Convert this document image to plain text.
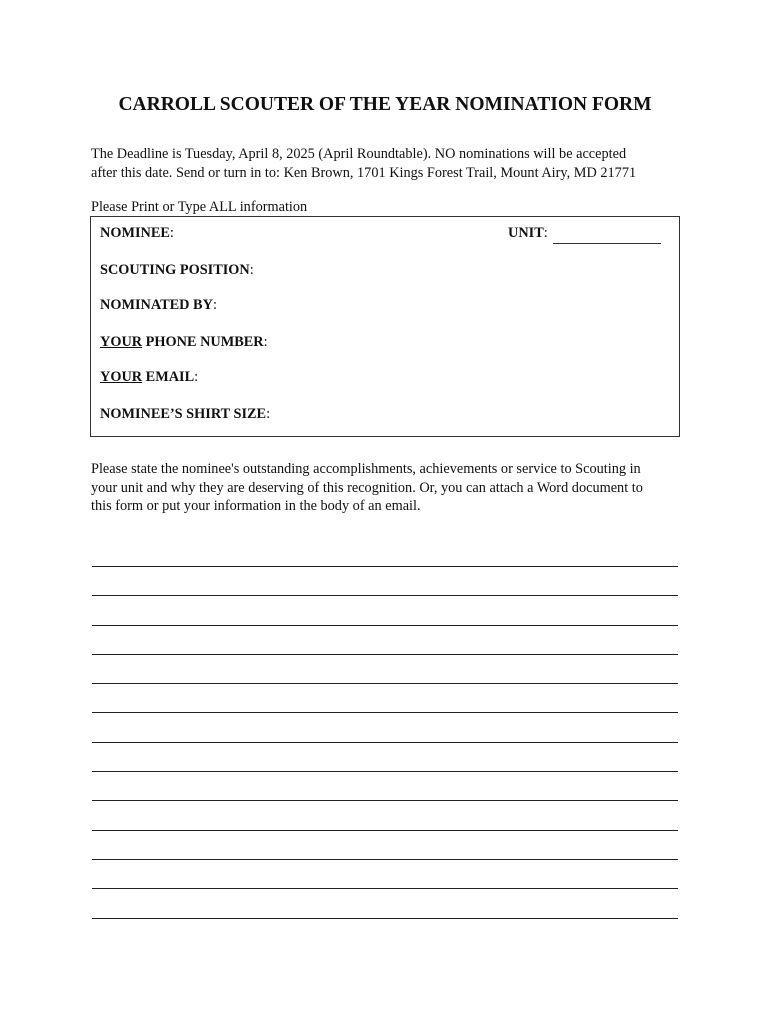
CARROLL SCOUTER OF THE YEAR NOMINATION FORM
The Deadline is Tuesday, April 8, 2025 (April Roundtable). NO nominations will be accepted
after this date. Send or turn in to: Ken Brown, 1701 Kings Forest Trail, Mount Airy, MD 21771
Please Print or Type ALL information
NOMINEE:	UNIT:
SCOUTING POSITION:
NOMINATED BY:
YOUR PHONE NUMBER:
YOUR EMAIL:
NOMINEE’S SHIRT SIZE:
Please state the nominee's outstanding accomplishments, achievements or service to Scouting in
your unit and why they are deserving of this recognition. Or, you can attach a Word document to
this form or put your information in the body of an email.
